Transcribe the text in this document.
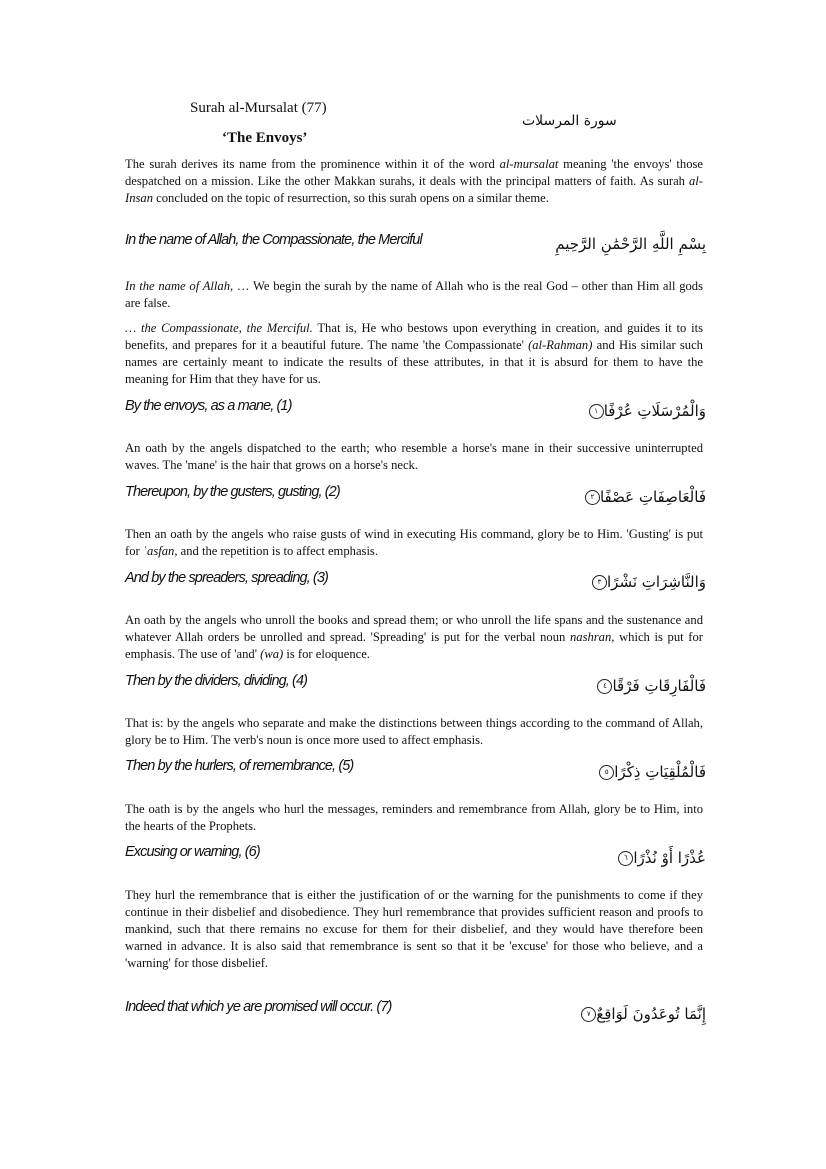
Surah al-Mursalat (77)
‘The Envoys’
سورة المرسلات

The surah derives its name from the prominence within it of the word al-mursalat meaning 'the envoys' those despatched on a mission. Like the other Makkan surahs, it deals with the principal matters of faith. As surah al-Insan concluded on the topic of resurrection, so this surah opens on a similar theme.

In the name of Allah, the Compassionate, the Merciful	بِسْمِ اللَّهِ الرَّحْمَٰنِ الرَّحِيمِ

In the name of Allah, … We begin the surah by the name of Allah who is the real God – other than Him all gods are false.

… the Compassionate, the Merciful. That is, He who bestows upon everything in creation, and guides it to its benefits, and prepares for it a beautiful future. The name 'the Compassionate' (al-Rahman) and His similar such names are certainly meant to indicate the results of these attributes, in that it is absurd for them to have the meaning for Him that they have for us.

By the envoys, as a mane, (1)	وَالْمُرْسَلَاتِ عُرْفًا١

An oath by the angels dispatched to the earth; who resemble a horse's mane in their successive uninterrupted waves. The 'mane' is the hair that grows on a horse's neck.

Thereupon, by the gusters, gusting, (2)	فَالْعَاصِفَاتِ عَصْفًا٢

Then an oath by the angels who raise gusts of wind in executing His command, glory be to Him. 'Gusting' is put for ʿasfan, and the repetition is to affect emphasis.

And by the spreaders, spreading, (3)	وَالنَّاشِرَاتِ نَشْرًا٣

An oath by the angels who unroll the books and spread them; or who unroll the life spans and the sustenance and whatever Allah orders be unrolled and spread. 'Spreading' is put for the verbal noun nashran, which is put for emphasis. The use of 'and' (wa) is for eloquence.

Then by the dividers, dividing, (4)	فَالْفَارِقَاتِ فَرْقًا٤

That is: by the angels who separate and make the distinctions between things according to the command of Allah, glory be to Him. The verb's noun is once more used to affect emphasis.

Then by the hurlers, of remembrance, (5)	فَالْمُلْقِيَاتِ ذِكْرًا٥

The oath is by the angels who hurl the messages, reminders and remembrance from Allah, glory be to Him, into the hearts of the Prophets.

Excusing or warning, (6)	عُذْرًا أَوْ نُذْرًا٦

They hurl the remembrance that is either the justification of or the warning for the punishments to come if they continue in their disbelief and disobedience. They hurl remembrance that provides sufficient reason and proofs to mankind, such that there remains no excuse for them for their disbelief, and they would have therefore been warned in advance. It is also said that remembrance is sent so that it be 'excuse' for those who believe, and a 'warning' for those disbelief.

Indeed that which ye are promised will occur. (7)	إِنَّمَا تُوعَدُونَ لَوَاقِعٌ٧
